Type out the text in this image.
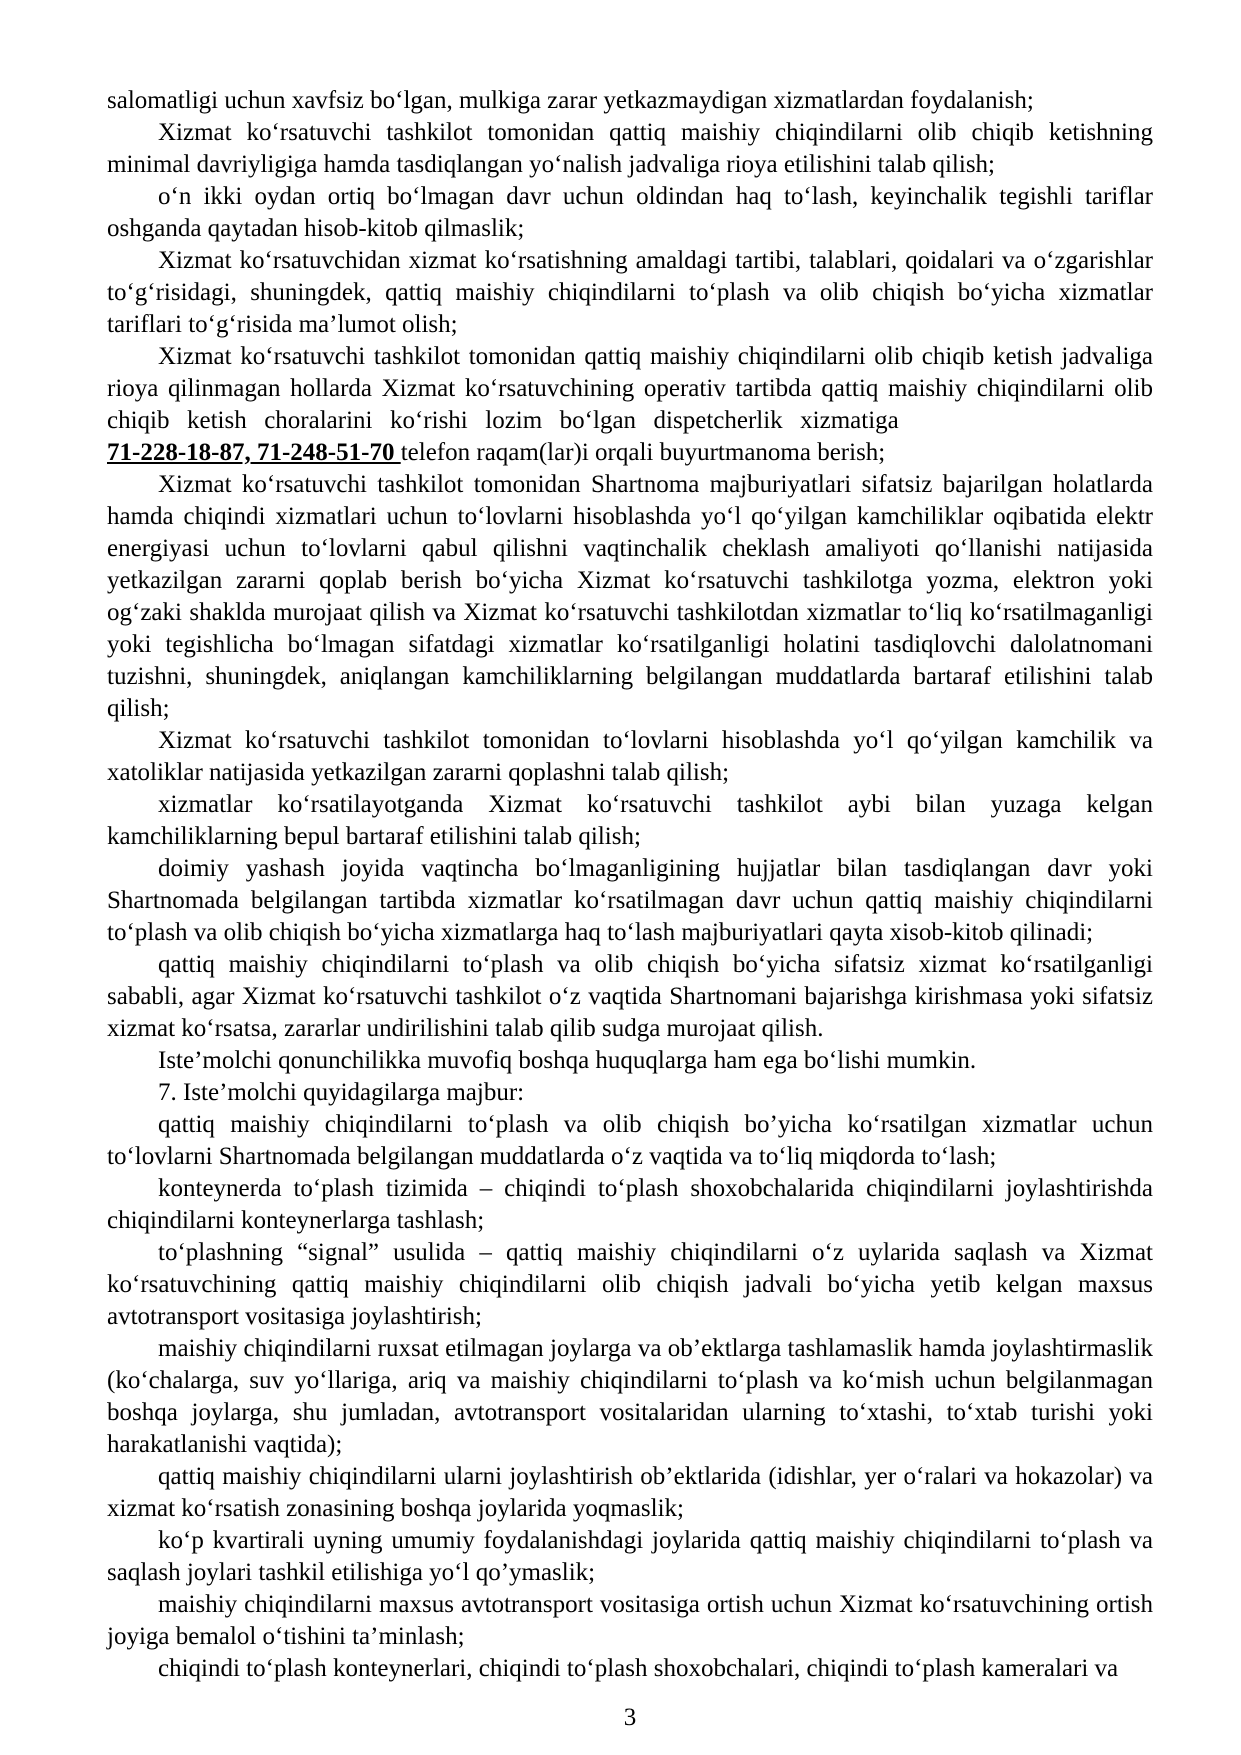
salomatligi uchun xavfsiz bo‘lgan, mulkiga zarar yetkazmaydigan xizmatlardan foydalanish;

Xizmat ko‘rsatuvchi tashkilot tomonidan qattiq maishiy chiqindilarni olib chiqib ketishning minimal davriyligiga hamda tasdiqlangan yo‘nalish jadvaliga rioya etilishini talab qilish;

o‘n ikki oydan ortiq bo‘lmagan davr uchun oldindan haq to‘lash, keyinchalik tegishli tariflar oshganda qaytadan hisob-kitob qilmaslik;

Xizmat ko‘rsatuvchidan xizmat ko‘rsatishning amaldagi tartibi, talablari, qoidalari va o‘zgarishlar to‘g‘risidagi, shuningdek, qattiq maishiy chiqindilarni to‘plash va olib chiqish bo‘yicha xizmatlar tariflari to‘g‘risida ma’lumot olish;

Xizmat ko‘rsatuvchi tashkilot tomonidan qattiq maishiy chiqindilarni olib chiqib ketish jadvaliga rioya qilinmagan hollarda Xizmat ko‘rsatuvchining operativ tartibda qattiq maishiy chiqindilarni olib chiqib ketish choralarini ko‘rishi lozim bo‘lgan dispetcherlik xizmatiga
71-228-18-87, 71-248-51-70 telefon raqam(lar)i orqali buyurtmanoma berish;

Xizmat ko‘rsatuvchi tashkilot tomonidan Shartnoma majburiyatlari sifatsiz bajarilgan holatlarda hamda chiqindi xizmatlari uchun to‘lovlarni hisoblashda yo‘l qo‘yilgan kamchiliklar oqibatida elektr energiyasi uchun to‘lovlarni qabul qilishni vaqtinchalik cheklash amaliyoti qo‘llanishi natijasida yetkazilgan zararni qoplab berish bo‘yicha Xizmat ko‘rsatuvchi tashkilotga yozma, elektron yoki og‘zaki shaklda murojaat qilish va Xizmat ko‘rsatuvchi tashkilotdan xizmatlar to‘liq ko‘rsatilmaganligi yoki tegishlicha bo‘lmagan sifatdagi xizmatlar ko‘rsatilganligi holatini tasdiqlovchi dalolatnomani tuzishni, shuningdek, aniqlangan kamchiliklarning belgilangan muddatlarda bartaraf etilishini talab qilish;

Xizmat ko‘rsatuvchi tashkilot tomonidan to‘lovlarni hisoblashda yo‘l qo‘yilgan kamchilik va xatoliklar natijasida yetkazilgan zararni qoplashni talab qilish;

xizmatlar ko‘rsatilayotganda Xizmat ko‘rsatuvchi tashkilot aybi bilan yuzaga kelgan kamchiliklarning bepul bartaraf etilishini talab qilish;

doimiy yashash joyida vaqtincha bo‘lmaganligining hujjatlar bilan tasdiqlangan davr yoki Shartnomada belgilangan tartibda xizmatlar ko‘rsatilmagan davr uchun qattiq maishiy chiqindilarni to‘plash va olib chiqish bo‘yicha xizmatlarga haq to‘lash majburiyatlari qayta xisob-kitob qilinadi;

qattiq maishiy chiqindilarni to‘plash va olib chiqish bo‘yicha sifatsiz xizmat ko‘rsatilganligi sababli, agar Xizmat ko‘rsatuvchi tashkilot o‘z vaqtida Shartnomani bajarishga kirishmasa yoki sifatsiz xizmat ko‘rsatsa, zararlar undirilishini talab qilib sudga murojaat qilish.

Iste’molchi qonunchilikka muvofiq boshqa huquqlarga ham ega bo‘lishi mumkin.

7. Iste’molchi quyidagilarga majbur:

qattiq maishiy chiqindilarni to‘plash va olib chiqish bo’yicha ko‘rsatilgan xizmatlar uchun to‘lovlarni Shartnomada belgilangan muddatlarda o‘z vaqtida va to‘liq miqdorda to‘lash;

konteynerda to‘plash tizimida – chiqindi to‘plash shoxobchalarida chiqindilarni joylashtirishda chiqindilarni konteynerlarga tashlash;

to‘plashning “signal” usulida – qattiq maishiy chiqindilarni o‘z uylarida saqlash va Xizmat ko‘rsatuvchining qattiq maishiy chiqindilarni olib chiqish jadvali bo‘yicha yetib kelgan maxsus avtotransport vositasiga joylashtirish;

maishiy chiqindilarni ruxsat etilmagan joylarga va ob’ektlarga tashlamaslik hamda joylashtirmaslik (ko‘chalarga, suv yo‘llariga, ariq va maishiy chiqindilarni to‘plash va ko‘mish uchun belgilanmagan boshqa joylarga, shu jumladan, avtotransport vositalaridan ularning to‘xtashi, to‘xtab turishi yoki harakatlanishi vaqtida);

qattiq maishiy chiqindilarni ularni joylashtirish ob’ektlarida (idishlar, yer o‘ralari va hokazolar) va xizmat ko‘rsatish zonasining boshqa joylarida yoqmaslik;

ko‘p kvartirali uyning umumiy foydalanishdagi joylarida qattiq maishiy chiqindilarni to‘plash va saqlash joylari tashkil etilishiga yo‘l qo’ymaslik;

maishiy chiqindilarni maxsus avtotransport vositasiga ortish uchun Xizmat ko‘rsatuvchining ortish joyiga bemalol o‘tishini ta’minlash;

chiqindi to‘plash konteynerlari, chiqindi to‘plash shoxobchalari, chiqindi to‘plash kameralari va

3
